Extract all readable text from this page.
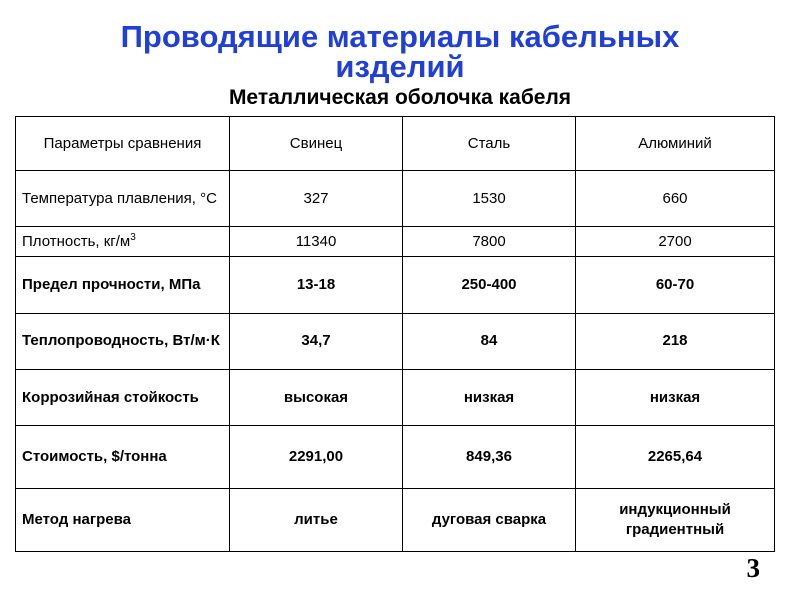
Проводящие материалы кабельных
изделий
Металлическая оболочка кабеля
Параметры сравнения	Свинец	Сталь	Алюминий
Температура плавления, °С	327	1530	660
Плотность, $кг/м^3$	11340	7800	2700
Предел прочности, МПа	13-18	250-400	60-70
Теплопроводность, Вт/м·К	34,7	84	218
Коррозийная стойкость	высокая	низкая	низкая
Стоимость, $/тонна	2291,00	849,36	2265,64
Метод нагрева	литье	дуговая сварка	индукционный градиентный
3
